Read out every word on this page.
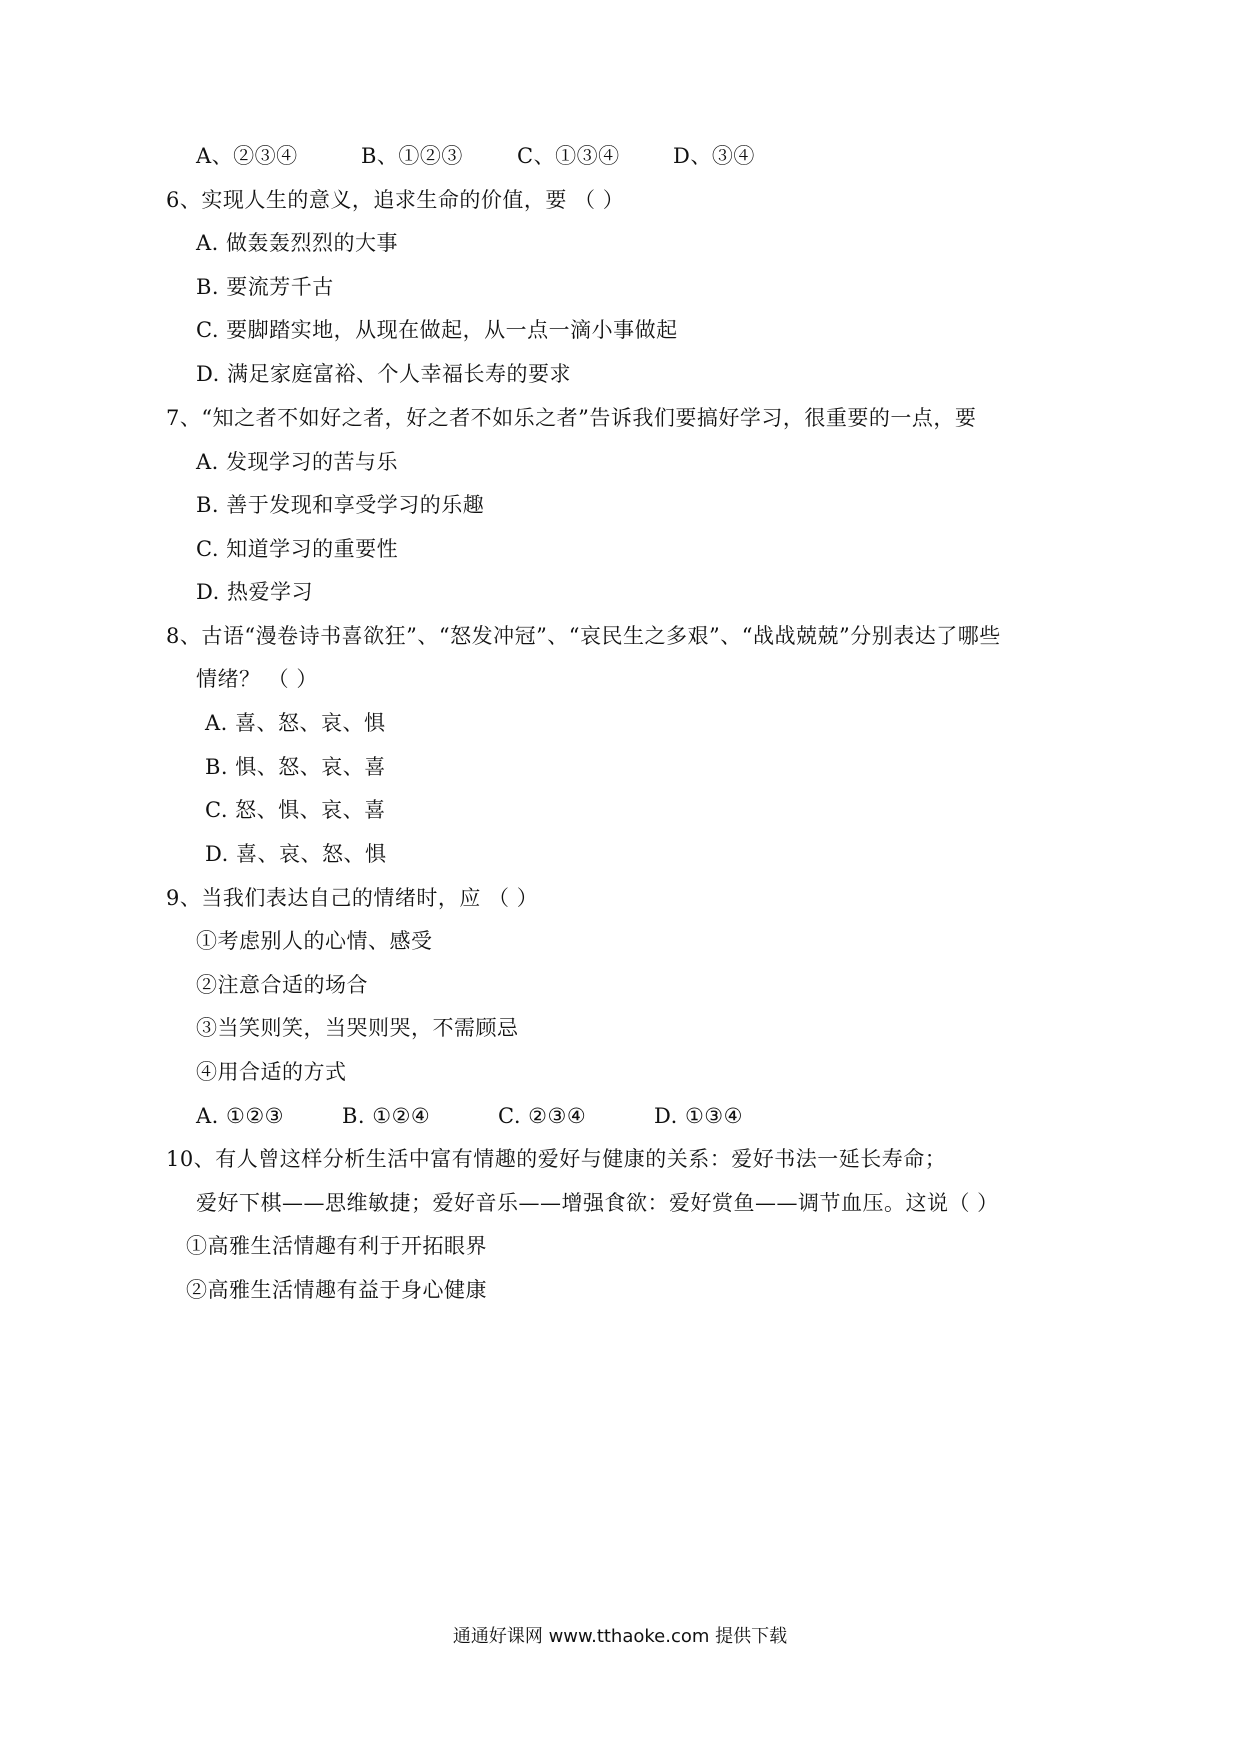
A、②③④	B、①②③	C、①③④	D、③④
6、实现人生的意义，追求生命的价值，要 （ ）
A. 做轰轰烈烈的大事
B. 要流芳千古
C. 要脚踏实地，从现在做起，从一点一滴小事做起
D. 满足家庭富裕、个人幸福长寿的要求
7、“知之者不如好之者，好之者不如乐之者”告诉我们要搞好学习，很重要的一点，要
A. 发现学习的苦与乐
B. 善于发现和享受学习的乐趣
C. 知道学习的重要性
D. 热爱学习
8、古语“漫卷诗书喜欲狂”、“怒发冲冠”、“哀民生之多艰”、“战战兢兢”分别表达了哪些
情绪？ （ ）
A. 喜、怒、哀、惧
B. 惧、怒、哀、喜
C. 怒、惧、哀、喜
D. 喜、哀、怒、惧
9、当我们表达自己的情绪时，应 （ ）
①考虑别人的心情、感受
②注意合适的场合
③当笑则笑，当哭则哭，不需顾忌
④用合适的方式
A. ①②③	B. ①②④	C. ②③④	D. ①③④
10、有人曾这样分析生活中富有情趣的爱好与健康的关系：爱好书法一延长寿命；
爱好下棋——思维敏捷；爱好音乐——增强食欲：爱好赏鱼——调节血压。这说（ ）
①高雅生活情趣有利于开拓眼界
②高雅生活情趣有益于身心健康
通通好课网 www.tthaoke.com 提供下载
